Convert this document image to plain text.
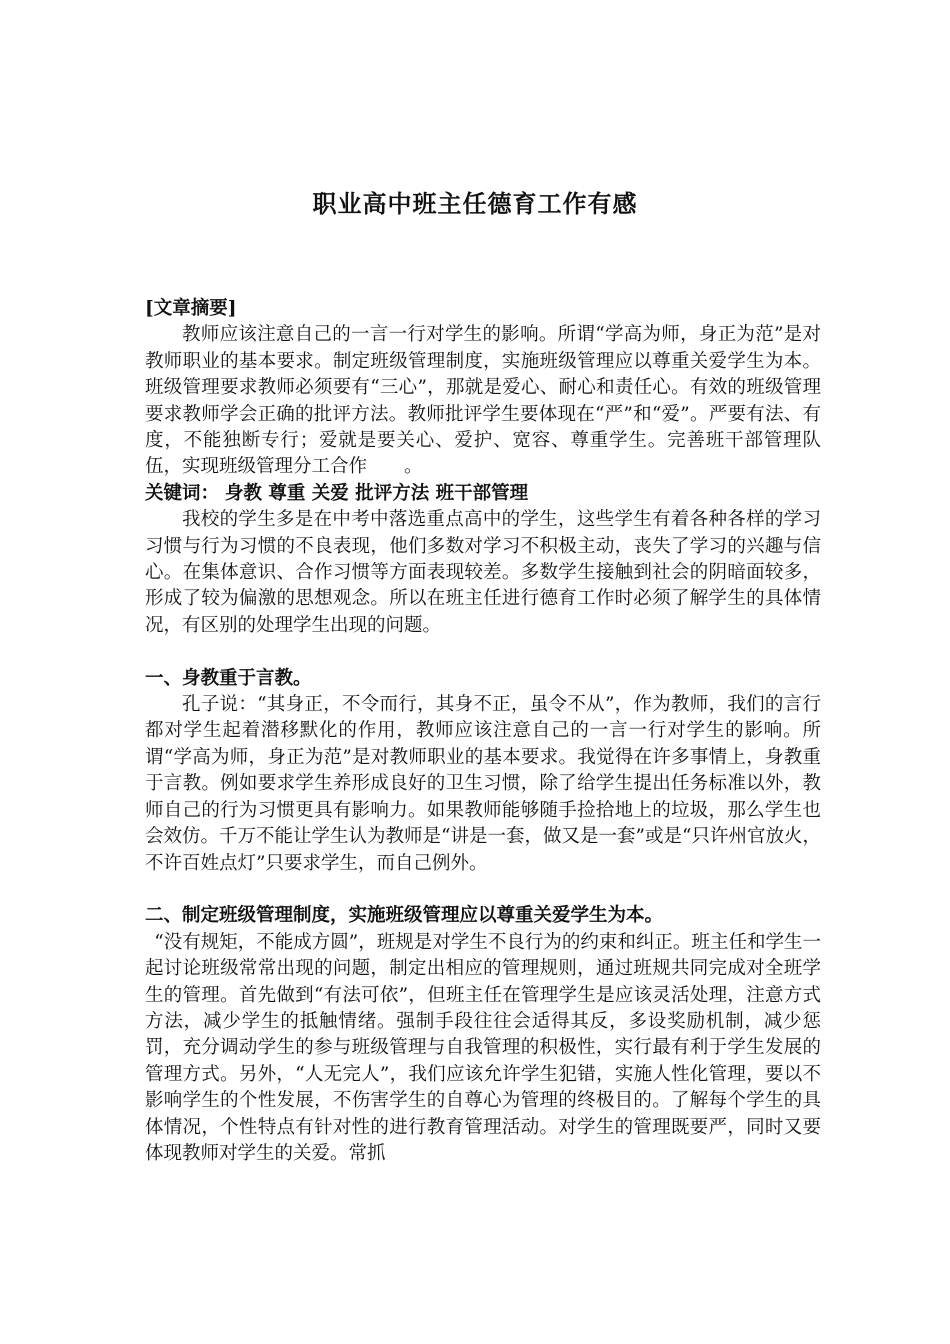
职业高中班主任德育工作有感

[文章摘要]

教师应该注意自己的一言一行对学生的影响。所谓“学高为师，身正为范”是对教师职业的基本要求。制定班级管理制度，实施班级管理应以尊重关爱学生为本。班级管理要求教师必须要有“三心”，那就是爱心、耐心和责任心。有效的班级管理要求教师学会正确的批评方法。教师批评学生要体现在“严”和“爱”。严要有法、有度，不能独断专行；爱就是要关心、爱护、宽容、尊重学生。完善班干部管理队伍，实现班级管理分工合作　　。

关键词： 身教 尊重 关爱 批评方法 班干部管理

我校的学生多是在中考中落选重点高中的学生，这些学生有着各种各样的学习习惯与行为习惯的不良表现，他们多数对学习不积极主动，丧失了学习的兴趣与信心。在集体意识、合作习惯等方面表现较差。多数学生接触到社会的阴暗面较多，形成了较为偏激的思想观念。所以在班主任进行德育工作时必须了解学生的具体情况，有区别的处理学生出现的问题。

一、身教重于言教。

孔子说：“其身正，不令而行，其身不正，虽令不从”，作为教师，我们的言行都对学生起着潜移默化的作用，教师应该注意自己的一言一行对学生的影响。所谓“学高为师，身正为范”是对教师职业的基本要求。我觉得在许多事情上，身教重于言教。例如要求学生养形成良好的卫生习惯，除了给学生提出任务标准以外，教师自己的行为习惯更具有影响力。如果教师能够随手捡拾地上的垃圾，那么学生也会效仿。千万不能让学生认为教师是“讲是一套，做又是一套”或是“只许州官放火，不许百姓点灯”只要求学生，而自己例外。

二、制定班级管理制度，实施班级管理应以尊重关爱学生为本。

“没有规矩，不能成方圆”，班规是对学生不良行为的约束和纠正。班主任和学生一起讨论班级常常出现的问题，制定出相应的管理规则，通过班规共同完成对全班学生的管理。首先做到“有法可依”，但班主任在管理学生是应该灵活处理，注意方式方法，减少学生的抵触情绪。强制手段往往会适得其反，多设奖励机制，减少惩罚，充分调动学生的参与班级管理与自我管理的积极性，实行最有利于学生发展的管理方式。另外，“人无完人”，我们应该允许学生犯错，实施人性化管理，要以不影响学生的个性发展，不伤害学生的自尊心为管理的终极目的。了解每个学生的具体情况，个性特点有针对性的进行教育管理活动。对学生的管理既要严，同时又要体现教师对学生的关爱。常抓
